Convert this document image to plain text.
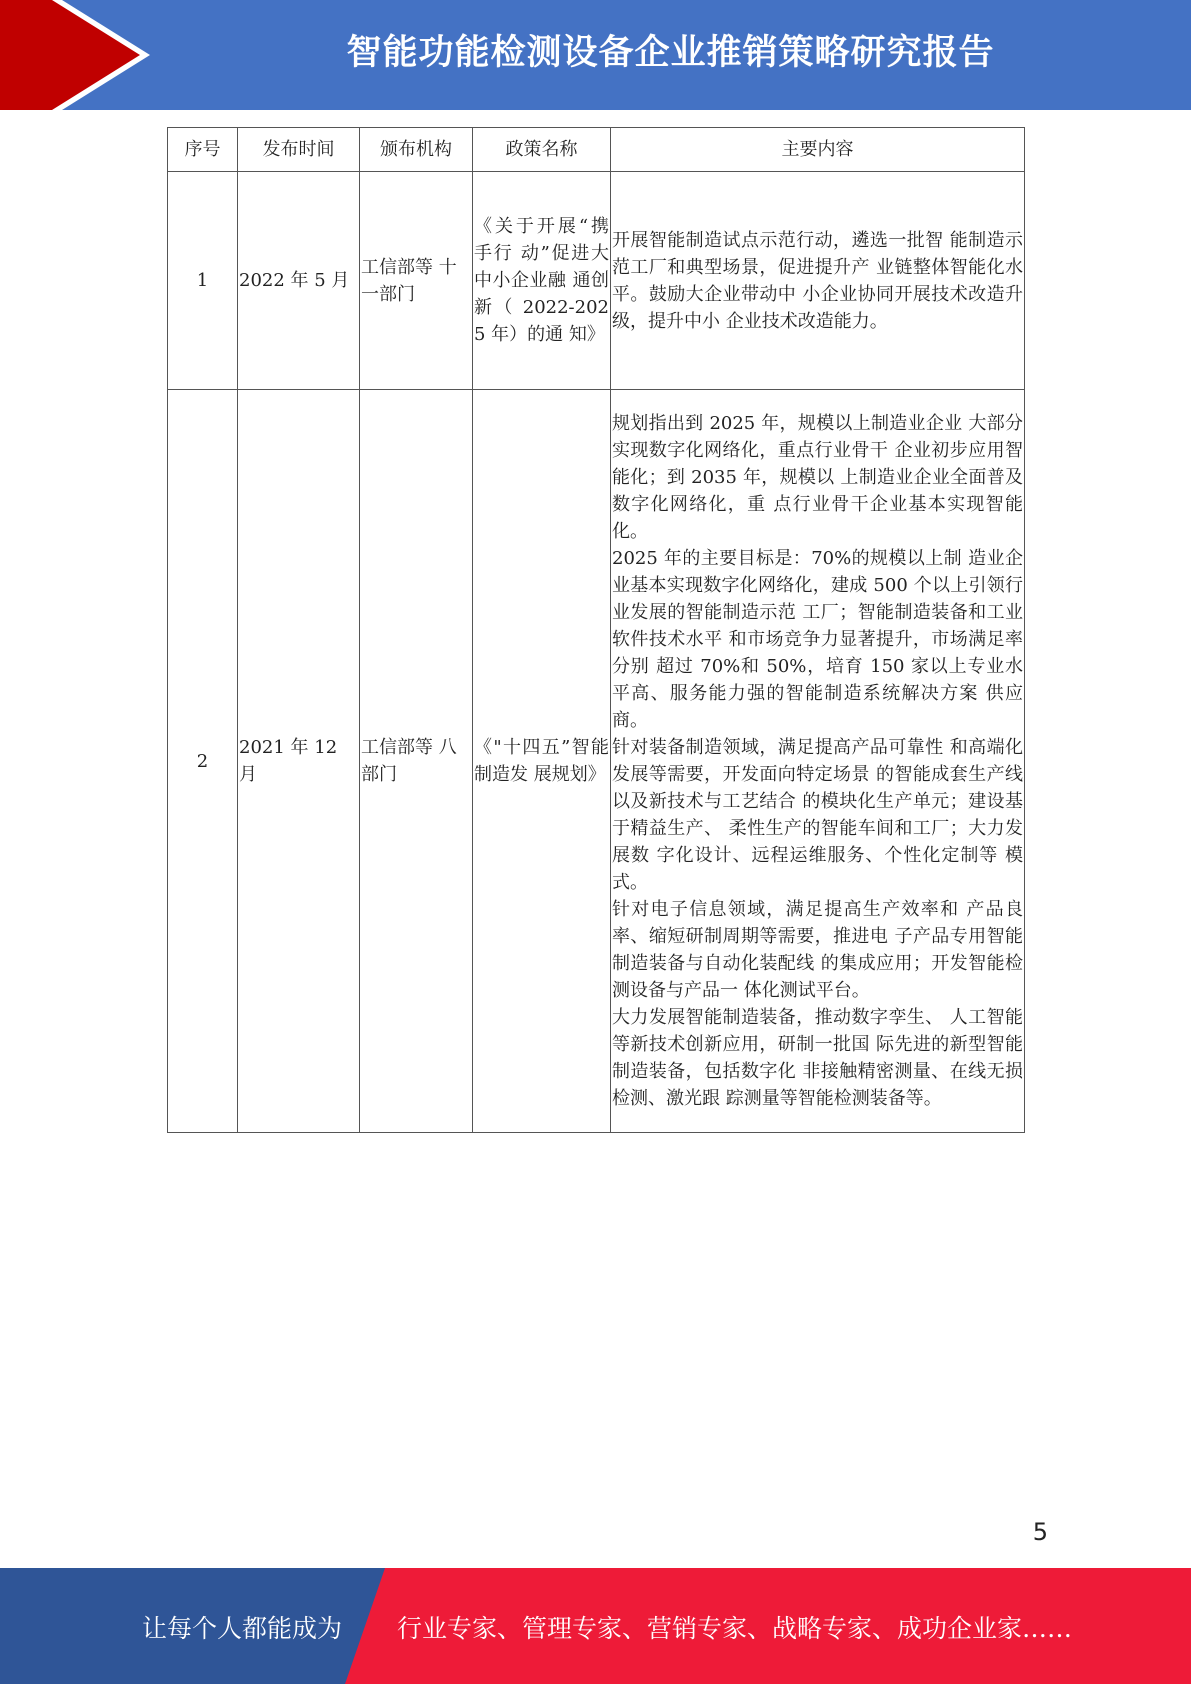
智能功能检测设备企业推销策略研究报告
序号	发布时间	颁布机构	政策名称	主要内容
1	2022 年 5 月	工信部等 十一部门	《关于开展“携手行 动”促进大 中小企业融 通创新（ 2022-2025 年）的通 知》	开展智能制造试点示范行动，遴选一批智 能制造示范工厂和典型场景，促进提升产 业链整体智能化水平。鼓励大企业带动中 小企业协同开展技术改造升级，提升中小 企业技术改造能力。

2	2021 年 12 月	工信部等 八部门	《"十四五”智能制造发 展规划》	规划指出到 2025 年，规模以上制造业企业 大部分实现数字化网络化，重点行业骨干 企业初步应用智能化；到 2035 年，规模以 上制造业企业全面普及数字化网络化，重 点行业骨干企业基本实现智能化。
2025 年的主要目标是：70%的规模以上制 造业企业基本实现数字化网络化，建成 500 个以上引领行业发展的智能制造示范 工厂；智能制造装备和工业软件技术水平 和市场竞争力显著提升，市场满足率分别 超过 70%和 50%，培育 150 家以上专业水平高、服务能力强的智能制造系统解决方案 供应商。
针对装备制造领域，满足提高产品可靠性 和高端化发展等需要，开发面向特定场景 的智能成套生产线以及新技术与工艺结合 的模块化生产单元；建设基于精益生产、 柔性生产的智能车间和工厂；大力发展数 字化设计、远程运维服务、个性化定制等 模式。
针对电子信息领域，满足提高生产效率和 产品良率、缩短研制周期等需要，推进电 子产品专用智能制造装备与自动化装配线 的集成应用；开发智能检测设备与产品一 体化测试平台。
大力发展智能制造装备，推动数字孪生、 人工智能等新技术创新应用，研制一批国 际先进的新型智能制造装备，包括数字化 非接触精密测量、在线无损检测、激光跟 踪测量等智能检测装备等。
5
让每个人都能成为 行业专家、管理专家、营销专家、战略专家、成功企业家……
